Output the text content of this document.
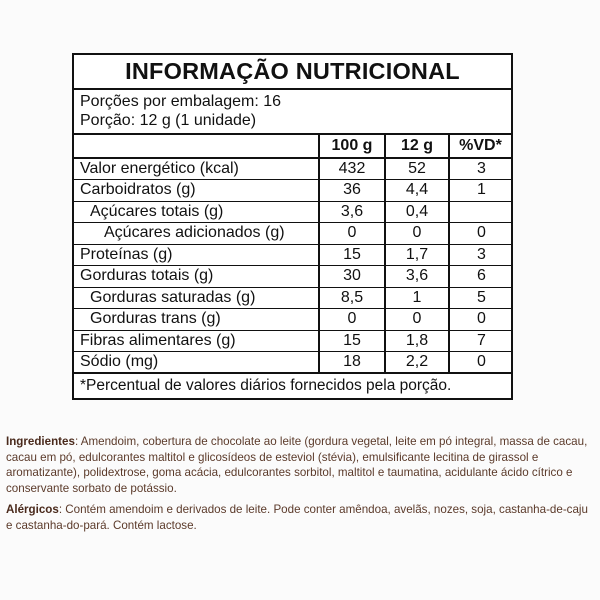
INFORMAÇÃO NUTRICIONAL
Porções por embalagem: 16
Porção: 12 g (1 unidade)
	100 g	12 g	%VD*
Valor energético (kcal)	432	52	3
Carboidratos (g)	36	4,4	1
Açúcares totais (g)	3,6	0,4	
Açúcares adicionados (g)	0	0	0
Proteínas (g)	15	1,7	3
Gorduras totais (g)	30	3,6	6
Gorduras saturadas (g)	8,5	1	5
Gorduras trans (g)	0	0	0
Fibras alimentares (g)	15	1,8	7
Sódio (mg)	18	2,2	0
*Percentual de valores diários fornecidos pela porção.

Ingredientes: Amendoim, cobertura de chocolate ao leite (gordura vegetal, leite em pó integral, massa de cacau, cacau em pó, edulcorantes maltitol e glicosídeos de esteviol (stévia), emulsificante lecitina de girassol e aromatizante), polidextrose, goma acácia, edulcorantes sorbitol, maltitol e taumatina, acidulante ácido cítrico e conservante sorbato de potássio.

Alérgicos: Contém amendoim e derivados de leite. Pode conter amêndoa, avelãs, nozes, soja, castanha-de-caju e castanha-do-pará. Contém lactose.
